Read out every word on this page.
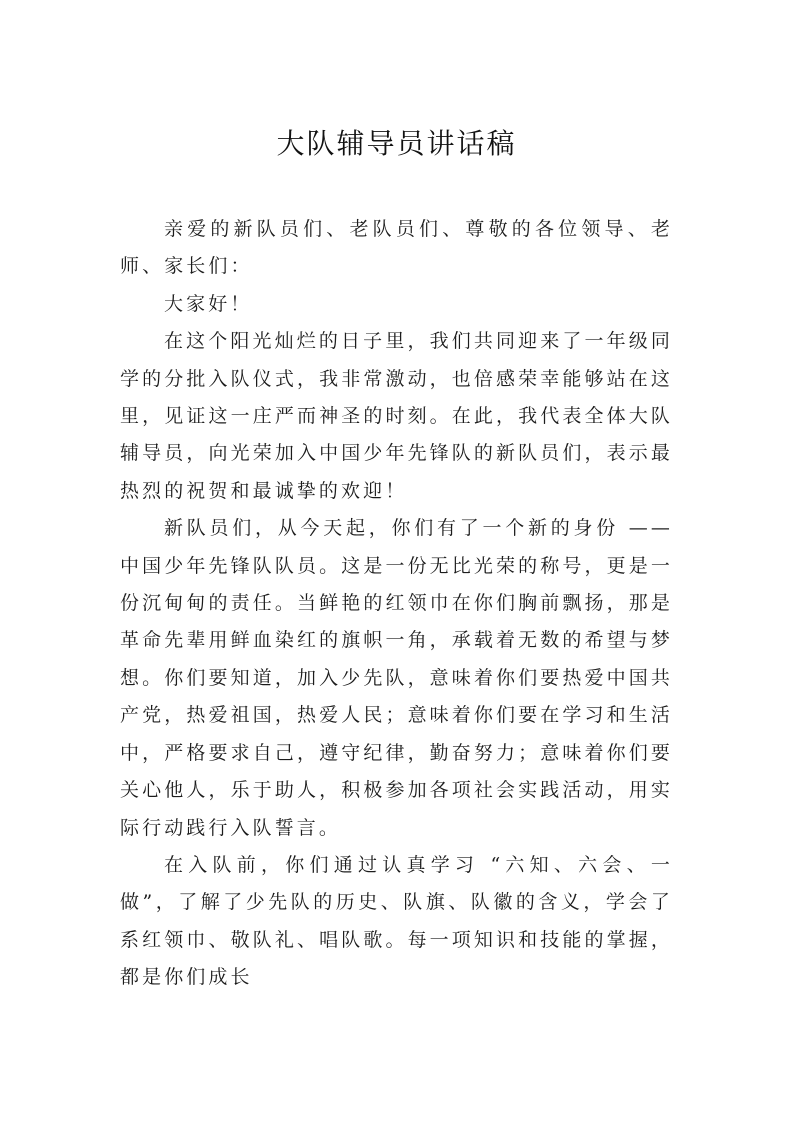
大队辅导员讲话稿

亲爱的新队员们、老队员们、尊敬的各位领导、老师、家长们：

大家好！

在这个阳光灿烂的日子里，我们共同迎来了一年级同学的分批入队仪式，我非常激动，也倍感荣幸能够站在这里，见证这一庄严而神圣的时刻。在此，我代表全体大队辅导员，向光荣加入中国少年先锋队的新队员们，表示最热烈的祝贺和最诚挚的欢迎！

新队员们，从今天起，你们有了一个新的身份 —— 中国少年先锋队队员。这是一份无比光荣的称号，更是一份沉甸甸的责任。当鲜艳的红领巾在你们胸前飘扬，那是革命先辈用鲜血染红的旗帜一角，承载着无数的希望与梦想。你们要知道，加入少先队，意味着你们要热爱中国共产党，热爱祖国，热爱人民；意味着你们要在学习和生活中，严格要求自己，遵守纪律，勤奋努力；意味着你们要关心他人，乐于助人，积极参加各项社会实践活动，用实际行动践行入队誓言。

在入队前，你们通过认真学习 “六知、六会、一做”，了解了少先队的历史、队旗、队徽的含义，学会了系红领巾、敬队礼、唱队歌。每一项知识和技能的掌握，都是你们成长
